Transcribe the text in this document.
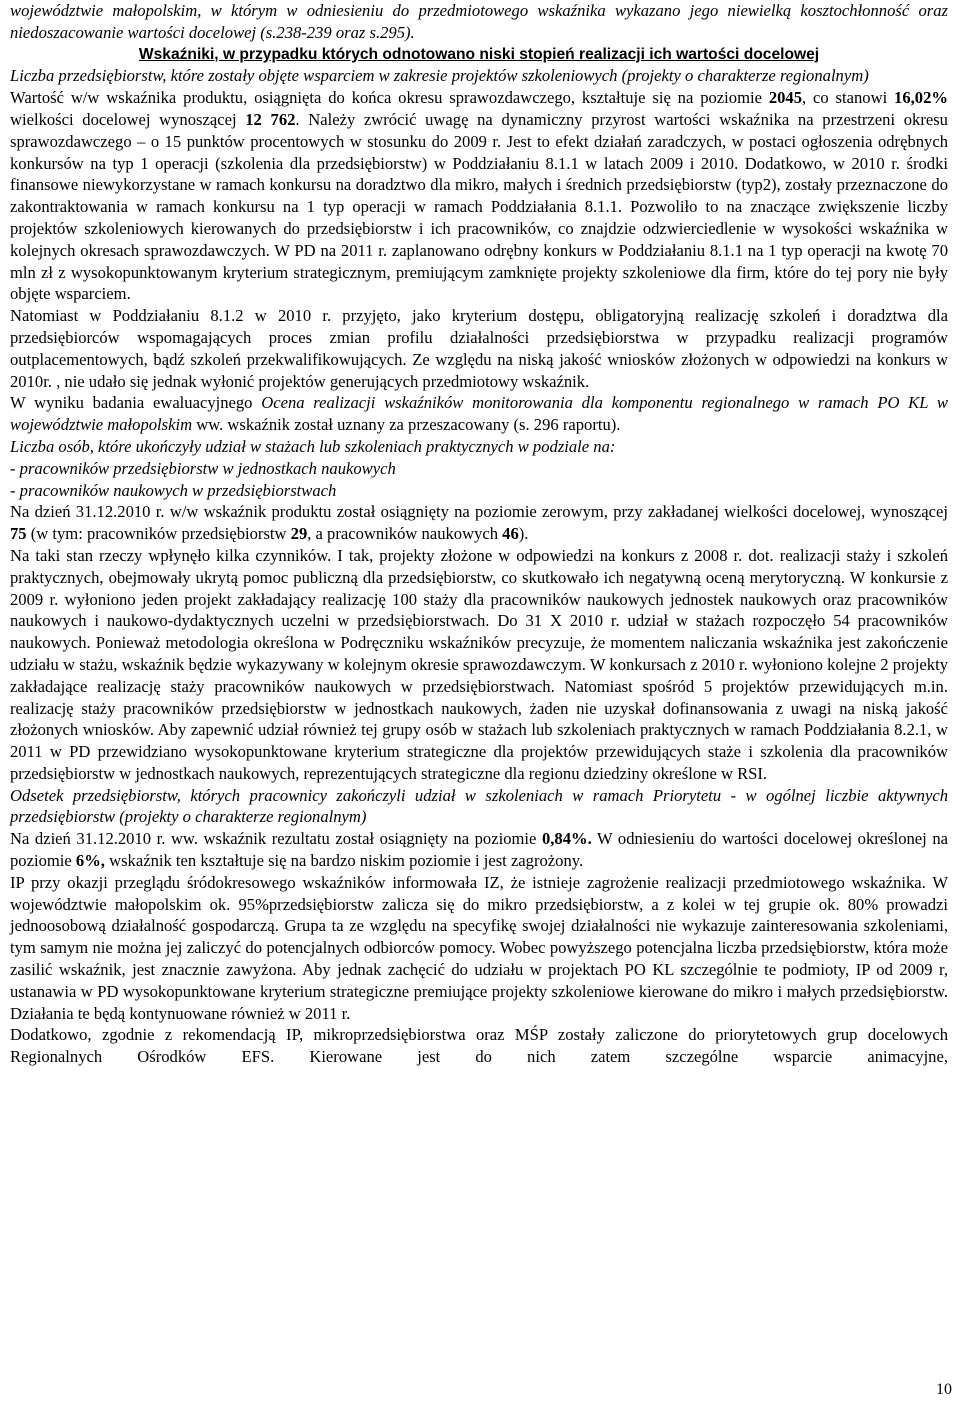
województwie małopolskim, w którym w odniesieniu do przedmiotowego wskaźnika wykazano jego niewielką kosztochłonność oraz niedoszacowanie wartości docelowej (s.238-239 oraz s.295).

Wskaźniki, w przypadku których odnotowano niski stopień realizacji ich wartości docelowej

Liczba przedsiębiorstw, które zostały objęte wsparciem w zakresie projektów szkoleniowych (projekty o charakterze regionalnym)

Wartość w/w wskaźnika produktu, osiągnięta do końca okresu sprawozdawczego, kształtuje się na poziomie 2045, co stanowi 16,02% wielkości docelowej wynoszącej 12 762. Należy zwrócić uwagę na dynamiczny przyrost wartości wskaźnika na przestrzeni okresu sprawozdawczego – o 15 punktów procentowych w stosunku do 2009 r. Jest to efekt działań zaradczych, w postaci ogłoszenia odrębnych konkursów na typ 1 operacji (szkolenia dla przedsiębiorstw) w Poddziałaniu 8.1.1 w latach 2009 i 2010. Dodatkowo, w 2010 r. środki finansowe niewykorzystane w ramach konkursu na doradztwo dla mikro, małych i średnich przedsiębiorstw (typ2), zostały przeznaczone do zakontraktowania w ramach konkursu na 1 typ operacji w ramach Poddziałania 8.1.1. Pozwoliło to na znaczące zwiększenie liczby projektów szkoleniowych kierowanych do przedsiębiorstw i ich pracowników, co znajdzie odzwierciedlenie w wysokości wskaźnika w kolejnych okresach sprawozdawczych. W PD na 2011 r. zaplanowano odrębny konkurs w Poddziałaniu 8.1.1 na 1 typ operacji na kwotę 70 mln zł z wysokopunktowanym kryterium strategicznym, premiującym zamknięte projekty szkoleniowe dla firm, które do tej pory nie były objęte wsparciem.

Natomiast w Poddziałaniu 8.1.2 w 2010 r. przyjęto, jako kryterium dostępu, obligatoryjną realizację szkoleń i doradztwa dla przedsiębiorców wspomagających proces zmian profilu działalności przedsiębiorstwa w przypadku realizacji programów outplacementowych, bądź szkoleń przekwalifikowujących. Ze względu na niską jakość wniosków złożonych w odpowiedzi na konkurs w 2010r. , nie udało się jednak wyłonić projektów generujących przedmiotowy wskaźnik.

W wyniku badania ewaluacyjnego Ocena realizacji wskaźników monitorowania dla komponentu regionalnego w ramach PO KL w województwie małopolskim ww. wskaźnik został uznany za przeszacowany (s. 296 raportu).

Liczba osób, które ukończyły udział w stażach lub szkoleniach praktycznych w podziale na:

- pracowników przedsiębiorstw w jednostkach naukowych

- pracowników naukowych w przedsiębiorstwach

Na dzień 31.12.2010 r. w/w wskaźnik produktu został osiągnięty na poziomie zerowym, przy zakładanej wielkości docelowej, wynoszącej 75 (w tym: pracowników przedsiębiorstw 29, a pracowników naukowych 46).

Na taki stan rzeczy wpłynęło kilka czynników. I tak, projekty złożone w odpowiedzi na konkurs z 2008 r. dot. realizacji staży i szkoleń praktycznych, obejmowały ukrytą pomoc publiczną dla przedsiębiorstw, co skutkowało ich negatywną oceną merytoryczną. W konkursie z 2009 r. wyłoniono jeden projekt zakładający realizację 100 staży dla pracowników naukowych jednostek naukowych oraz pracowników naukowych i naukowo-dydaktycznych uczelni w przedsiębiorstwach. Do 31 X 2010 r. udział w stażach rozpoczęło 54 pracowników naukowych. Ponieważ metodologia określona w Podręczniku wskaźników precyzuje, że momentem naliczania wskaźnika jest zakończenie udziału w stażu, wskaźnik będzie wykazywany w kolejnym okresie sprawozdawczym. W konkursach z 2010 r. wyłoniono kolejne 2 projekty zakładające realizację staży pracowników naukowych w przedsiębiorstwach. Natomiast spośród 5 projektów przewidujących m.in. realizację staży pracowników przedsiębiorstw w jednostkach naukowych, żaden nie uzyskał dofinansowania z uwagi na niską jakość złożonych wniosków. Aby zapewnić udział również tej grupy osób w stażach lub szkoleniach praktycznych w ramach Poddziałania 8.2.1, w 2011 w PD przewidziano wysokopunktowane kryterium strategiczne dla projektów przewidujących staże i szkolenia dla pracowników przedsiębiorstw w jednostkach naukowych, reprezentujących strategiczne dla regionu dziedziny określone w RSI.

Odsetek przedsiębiorstw, których pracownicy zakończyli udział w szkoleniach w ramach Priorytetu - w ogólnej liczbie aktywnych przedsiębiorstw (projekty o charakterze regionalnym)

Na dzień 31.12.2010 r. ww. wskaźnik rezultatu został osiągnięty na poziomie 0,84%. W odniesieniu do wartości docelowej określonej na poziomie 6%, wskaźnik ten kształtuje się na bardzo niskim poziomie i jest zagrożony.

IP przy okazji przeglądu śródokresowego wskaźników informowała IZ, że istnieje zagrożenie realizacji przedmiotowego wskaźnika. W województwie małopolskim ok. 95%przedsiębiorstw zalicza się do mikro przedsiębiorstw, a z kolei w tej grupie ok. 80% prowadzi jednoosobową działalność gospodarczą. Grupa ta ze względu na specyfikę swojej działalności nie wykazuje zainteresowania szkoleniami, tym samym nie można jej zaliczyć do potencjalnych odbiorców pomocy. Wobec powyższego potencjalna liczba przedsiębiorstw, która może zasilić wskaźnik, jest znacznie zawyżona. Aby jednak zachęcić do udziału w projektach PO KL szczególnie te podmioty, IP od 2009 r, ustanawia w PD wysokopunktowane kryterium strategiczne premiujące projekty szkoleniowe kierowane do mikro i małych przedsiębiorstw. Działania te będą kontynuowane również w 2011 r.

Dodatkowo, zgodnie z rekomendacją IP, mikroprzedsiębiorstwa oraz MŚP zostały zaliczone do priorytetowych grup docelowych Regionalnych Ośrodków EFS. Kierowane jest do nich zatem szczególne wsparcie animacyjne,

10
